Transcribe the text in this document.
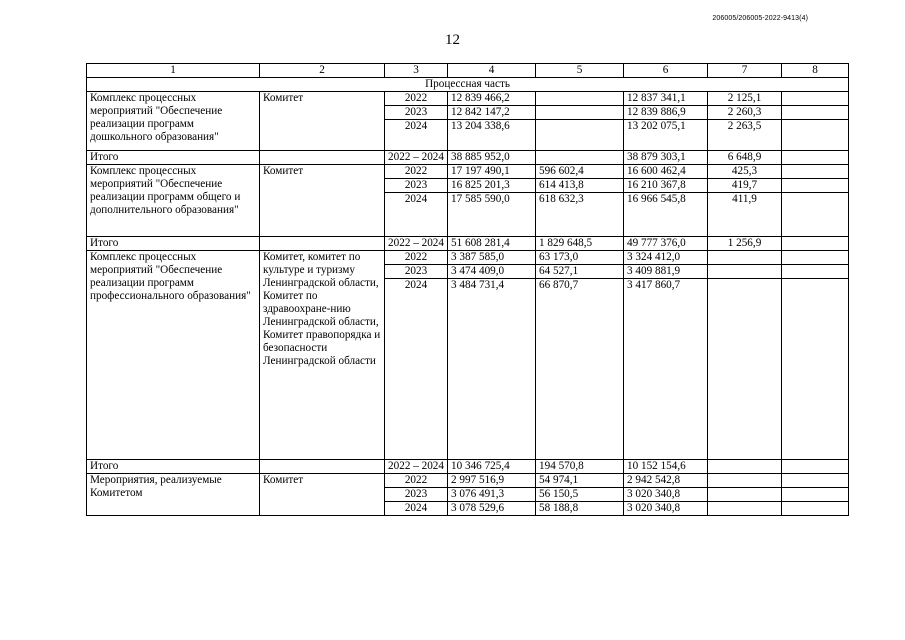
206005/206005-2022-9413(4)
12
1	2	3	4	5	6	7	8
Процессная часть							
Комплекс процессных мероприятий "Обеспечение реализации программ дошкольного образования"	Комитет	2022	12 839 466,2		12 837 341,1	2 125,1	
		2023	12 842 147,2		12 839 886,9	2 260,3	
		2024	13 204 338,6		13 202 075,1	2 263,5	
Итого		2022 – 2024	38 885 952,0		38 879 303,1	6 648,9	
Комплекс процессных мероприятий "Обеспечение реализации программ общего и дополнительного образования"	Комитет	2022	17 197 490,1	596 602,4	16 600 462,4	425,3	
		2023	16 825 201,3	614 413,8	16 210 367,8	419,7	
		2024	17 585 590,0	618 632,3	16 966 545,8	411,9	
Итого		2022 – 2024	51 608 281,4	1 829 648,5	49 777 376,0	1 256,9	
Комплекс процессных мероприятий "Обеспечение реализации программ профессионального образования"	Комитет, комитет по культуре и туризму Ленинградской области, Комитет по здравоохране-нию Ленинградской области, Комитет правопорядка и безопасности Ленинградской области	2022	3 387 585,0	63 173,0	3 324 412,0		
		2023	3 474 409,0	64 527,1	3 409 881,9		
		2024	3 484 731,4	66 870,7	3 417 860,7		
Итого		2022 – 2024	10 346 725,4	194 570,8	10 152 154,6		
Мероприятия, реализуемые Комитетом	Комитет	2022	2 997 516,9	54 974,1	2 942 542,8		
		2023	3 076 491,3	56 150,5	3 020 340,8		
		2024	3 078 529,6	58 188,8	3 020 340,8		
